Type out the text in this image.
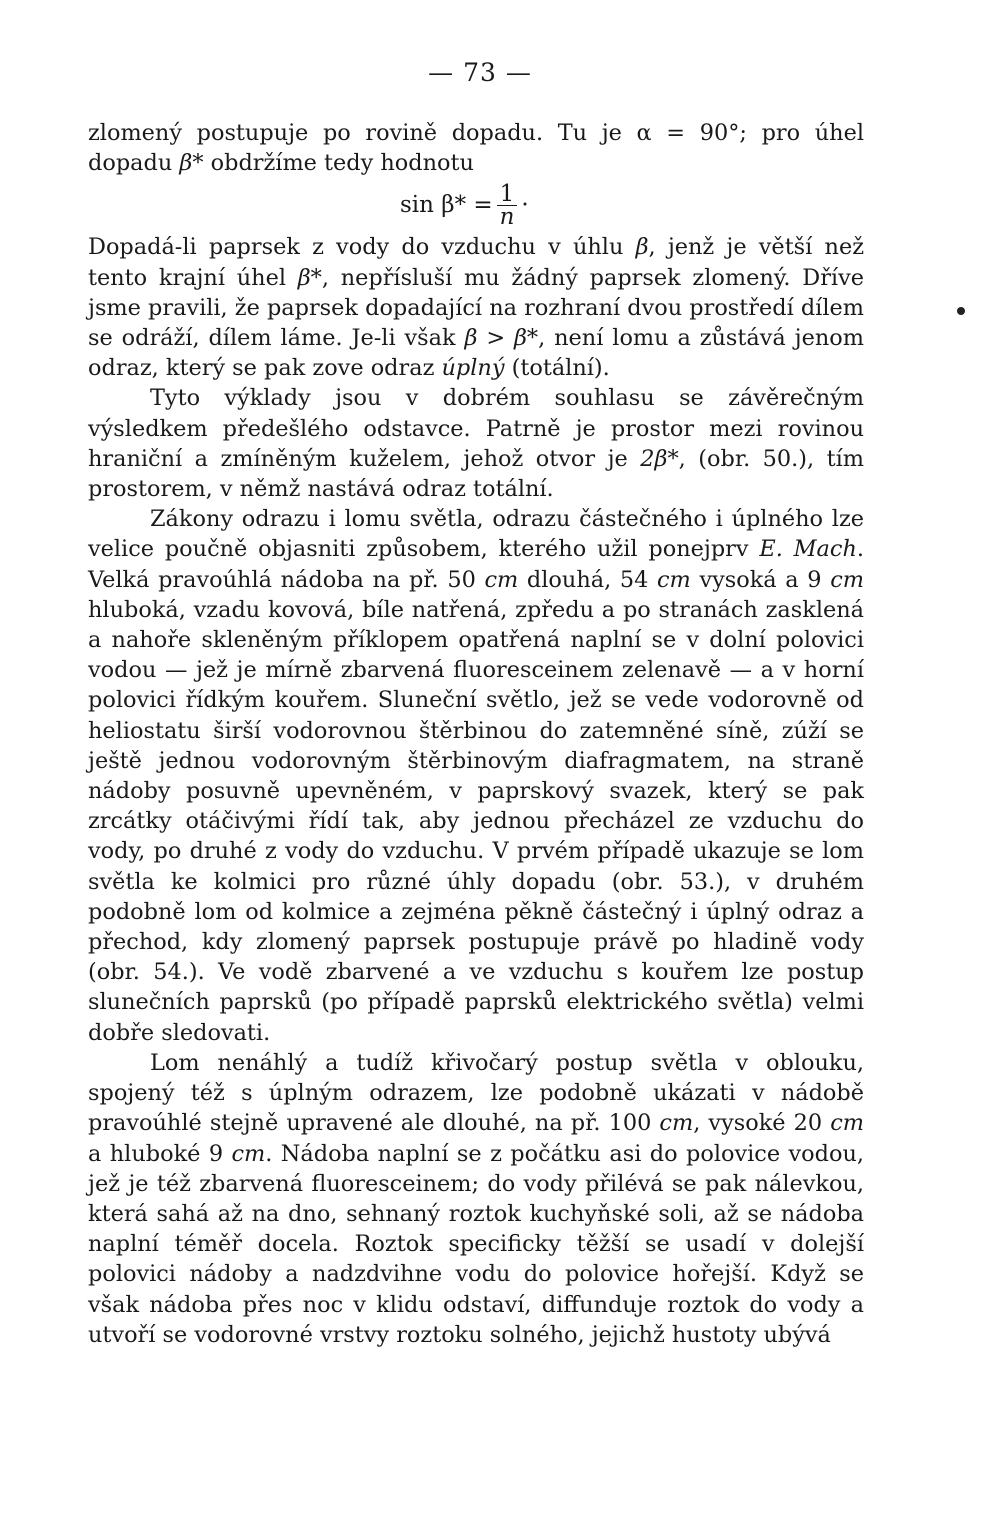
— 73 —

zlomený postupuje po rovině dopadu. Tu je α = 90°; pro úhel dopadu β* obdržíme tedy hodnotu

$\sin \beta* = \frac{1}{n}$ ·

Dopadá-li paprsek z vody do vzduchu v úhlu β, jenž je větší než tento krajní úhel β*, nepřísluší mu žádný paprsek zlomený. Dříve jsme pravili, že paprsek dopadající na rozhraní dvou prostředí dílem se odráží, dílem láme. Je-li však β > β*, není lomu a zůstává jenom odraz, který se pak zove odraz úplný (totální).

Tyto výklady jsou v dobrém souhlasu se závěrečným výsledkem předešlého odstavce. Patrně je prostor mezi rovinou hraniční a zmíněným kuželem, jehož otvor je 2β*, (obr. 50.), tím prostorem, v němž nastává odraz totální.

Zákony odrazu i lomu světla, odrazu částečného i úplného lze velice poučně objasniti způsobem, kterého užil ponejprv E. Mach. Velká pravoúhlá nádoba na př. 50 cm dlouhá, 54 cm vysoká a 9 cm hluboká, vzadu kovová, bíle natřená, zpředu a po stranách zasklená a nahoře skleněným příklopem opatřená naplní se v dolní polovici vodou — jež je mírně zbarvená fluoresceinem zelenavě — a v horní polovici řídkým kouřem. Sluneční světlo, jež se vede vodorovně od heliostatu širší vodorovnou štěrbinou do zatemněné síně, zúží se ještě jednou vodorovným štěrbinovým diafragmatem, na straně nádoby posuvně upevněném, v paprskový svazek, který se pak zrcátky otáčivými řídí tak, aby jednou přecházel ze vzduchu do vody, po druhé z vody do vzduchu. V prvém případě ukazuje se lom světla ke kolmici pro různé úhly dopadu (obr. 53.), v druhém podobně lom od kolmice a zejména pěkně částečný i úplný odraz a přechod, kdy zlomený paprsek postupuje právě po hladině vody (obr. 54.). Ve vodě zbarvené a ve vzduchu s kouřem lze postup slunečních paprsků (po případě paprsků elektrického světla) velmi dobře sledovati.

Lom nenáhlý a tudíž křivočarý postup světla v oblouku, spojený též s úplným odrazem, lze podobně ukázati v nádobě pravoúhlé stejně upravené ale dlouhé, na př. 100 cm, vysoké 20 cm a hluboké 9 cm. Nádoba naplní se z počátku asi do polovice vodou, jež je též zbarvená fluoresceinem; do vody přilévá se pak nálevkou, která sahá až na dno, sehnaný roztok kuchyňské soli, až se nádoba naplní téměř docela. Roztok specificky těžší se usadí v dolejší polovici nádoby a nadzdvihne vodu do polovice hořejší. Když se však nádoba přes noc v klidu odstaví, diffunduje roztok do vody a utvoří se vodorovné vrstvy roztoku solného, jejichž hustoty ubývá
